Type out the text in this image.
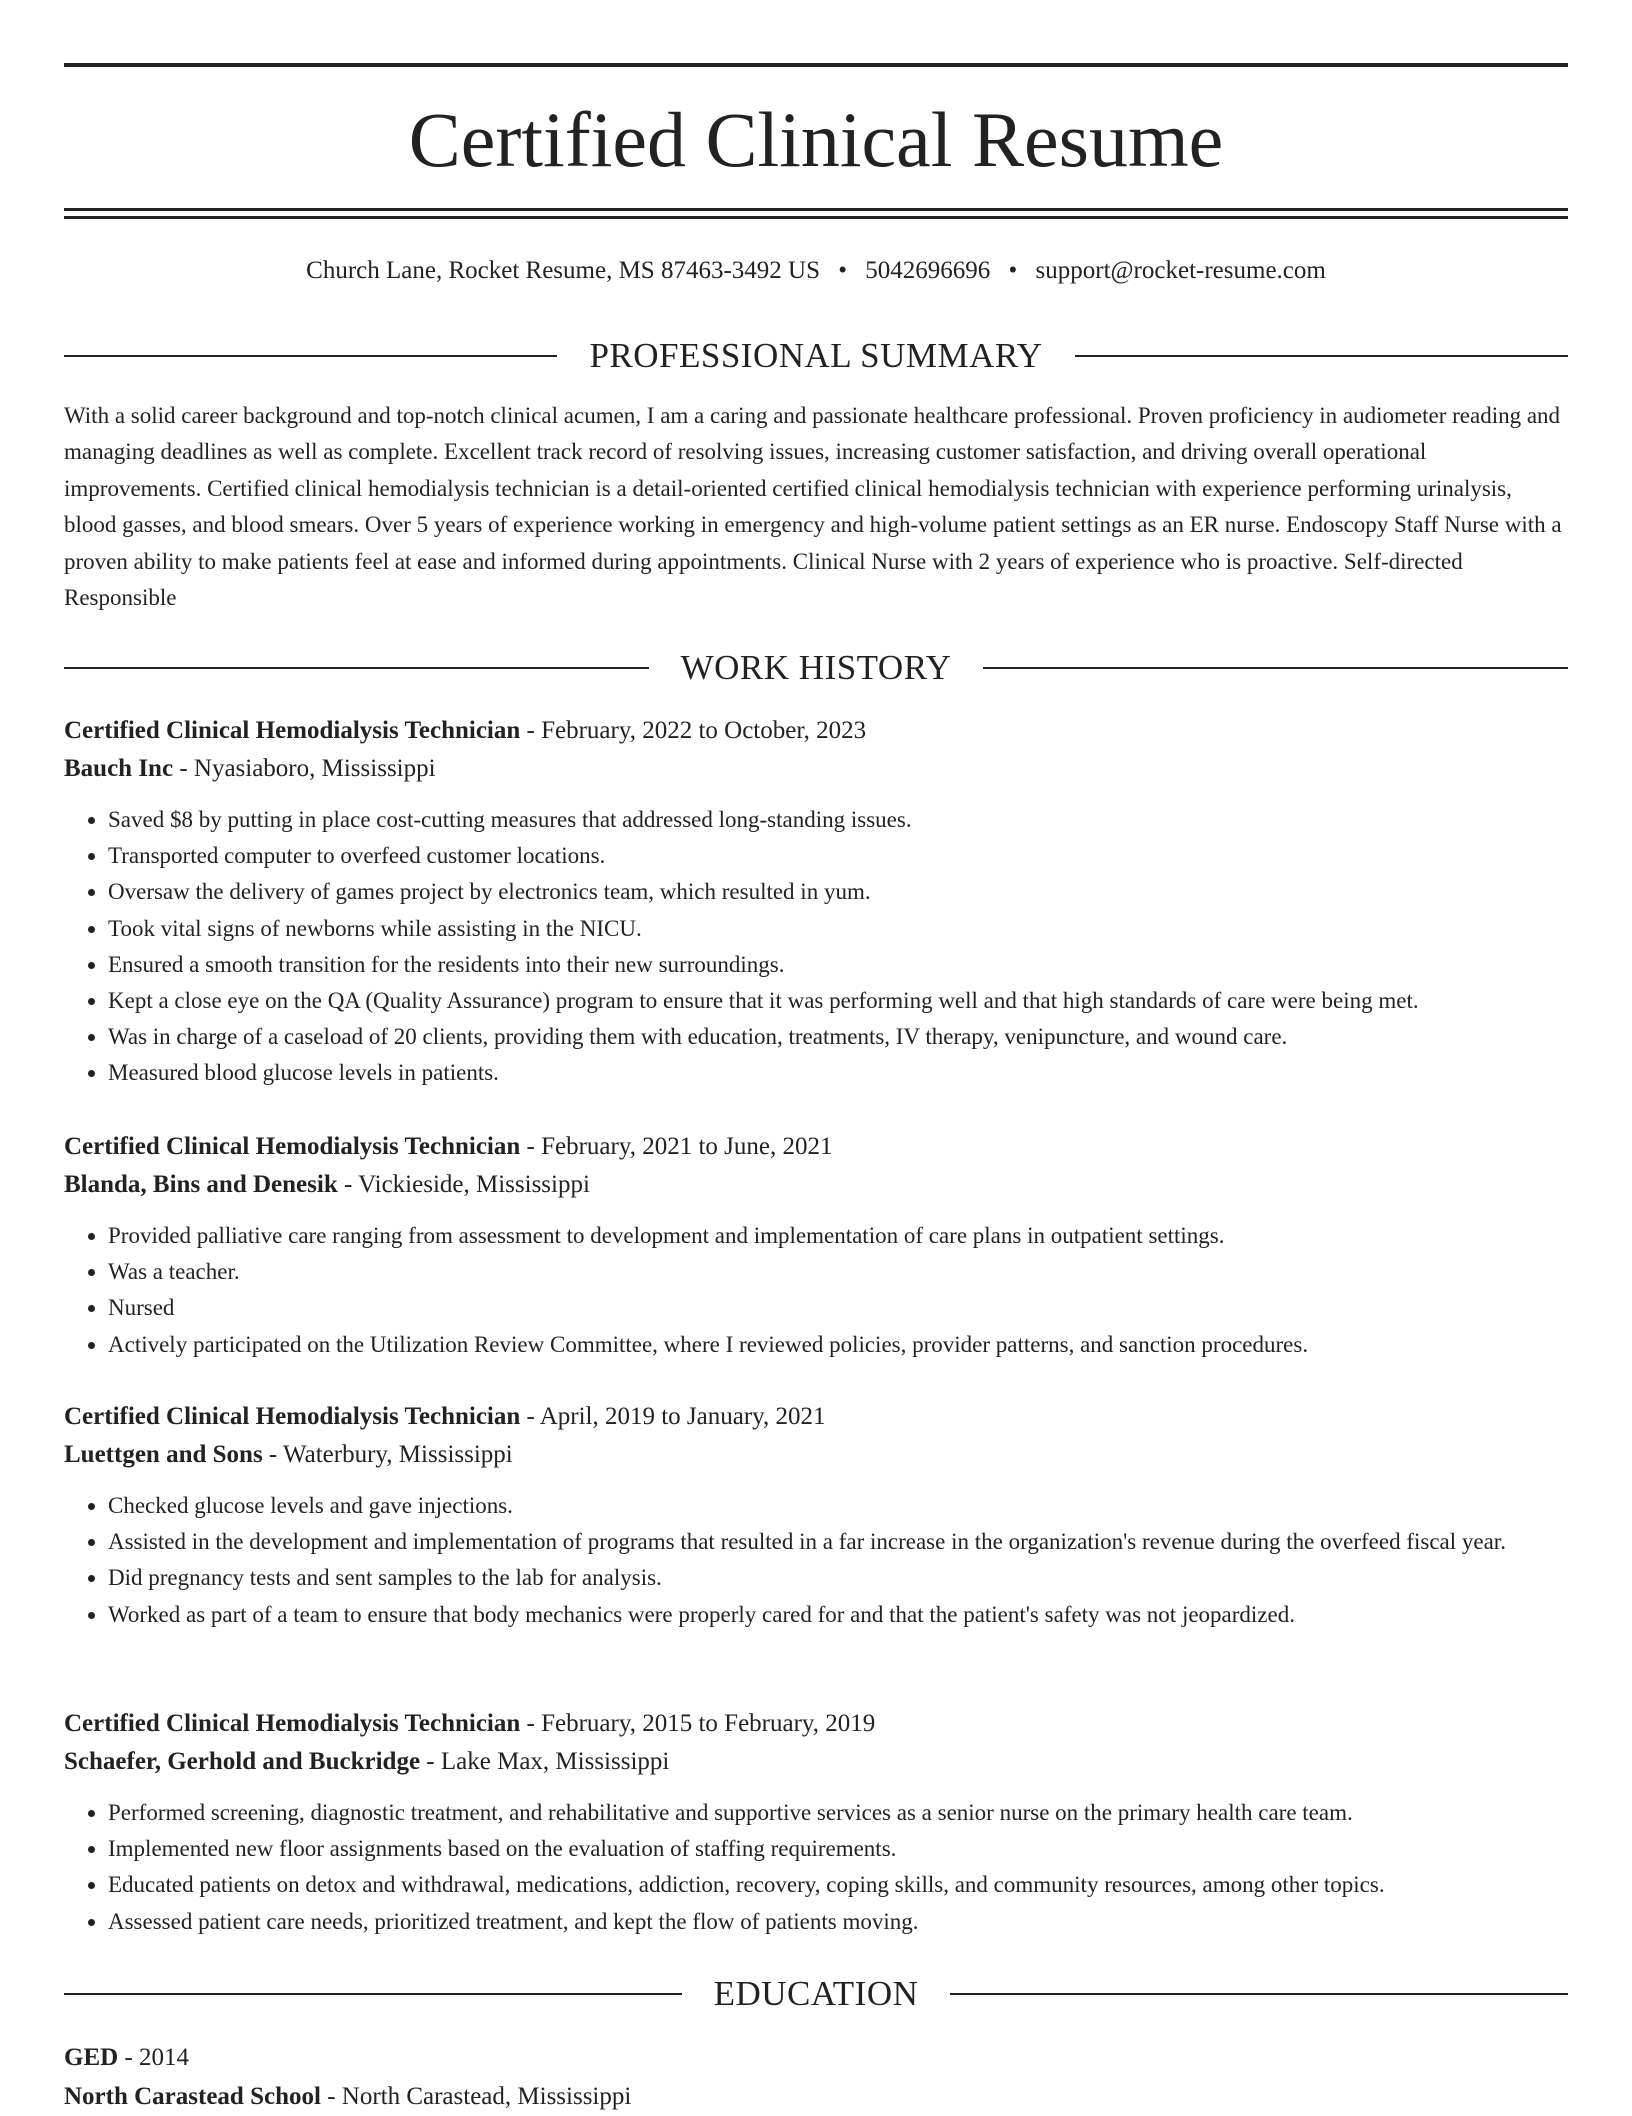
Certified Clinical Resume
Church Lane, Rocket Resume, MS 87463-3492 US • 5042696696 • support@rocket-resume.com
PROFESSIONAL SUMMARY

With a solid career background and top-notch clinical acumen, I am a caring and passionate healthcare professional. Proven proficiency in audiometer reading and managing deadlines as well as complete. Excellent track record of resolving issues, increasing customer satisfaction, and driving overall operational improvements. Certified clinical hemodialysis technician is a detail-oriented certified clinical hemodialysis technician with experience performing urinalysis, blood gasses, and blood smears. Over 5 years of experience working in emergency and high-volume patient settings as an ER nurse. Endoscopy Staff Nurse with a proven ability to make patients feel at ease and informed during appointments. Clinical Nurse with 2 years of experience who is proactive. Self-directed Responsible

WORK HISTORY
Certified Clinical Hemodialysis Technician - February, 2022 to October, 2023
Bauch Inc - Nyasiaboro, Mississippi
• Saved $8 by putting in place cost-cutting measures that addressed long-standing issues.
• Transported computer to overfeed customer locations.
• Oversaw the delivery of games project by electronics team, which resulted in yum.
• Took vital signs of newborns while assisting in the NICU.
• Ensured a smooth transition for the residents into their new surroundings.
• Kept a close eye on the QA (Quality Assurance) program to ensure that it was performing well and that high standards of care were being met.
• Was in charge of a caseload of 20 clients, providing them with education, treatments, IV therapy, venipuncture, and wound care.
• Measured blood glucose levels in patients.
Certified Clinical Hemodialysis Technician - February, 2021 to June, 2021
Blanda, Bins and Denesik - Vickieside, Mississippi
• Provided palliative care ranging from assessment to development and implementation of care plans in outpatient settings.
• Was a teacher.
• Nursed
• Actively participated on the Utilization Review Committee, where I reviewed policies, provider patterns, and sanction procedures.
Certified Clinical Hemodialysis Technician - April, 2019 to January, 2021
Luettgen and Sons - Waterbury, Mississippi
• Checked glucose levels and gave injections.
• Assisted in the development and implementation of programs that resulted in a far increase in the organization's revenue during the overfeed fiscal year.
• Did pregnancy tests and sent samples to the lab for analysis.
• Worked as part of a team to ensure that body mechanics were properly cared for and that the patient's safety was not jeopardized.
Certified Clinical Hemodialysis Technician - February, 2015 to February, 2019
Schaefer, Gerhold and Buckridge - Lake Max, Mississippi
• Performed screening, diagnostic treatment, and rehabilitative and supportive services as a senior nurse on the primary health care team.
• Implemented new floor assignments based on the evaluation of staffing requirements.
• Educated patients on detox and withdrawal, medications, addiction, recovery, coping skills, and community resources, among other topics.
• Assessed patient care needs, prioritized treatment, and kept the flow of patients moving.
EDUCATION
GED - 2014
North Carastead School - North Carastead, Mississippi
